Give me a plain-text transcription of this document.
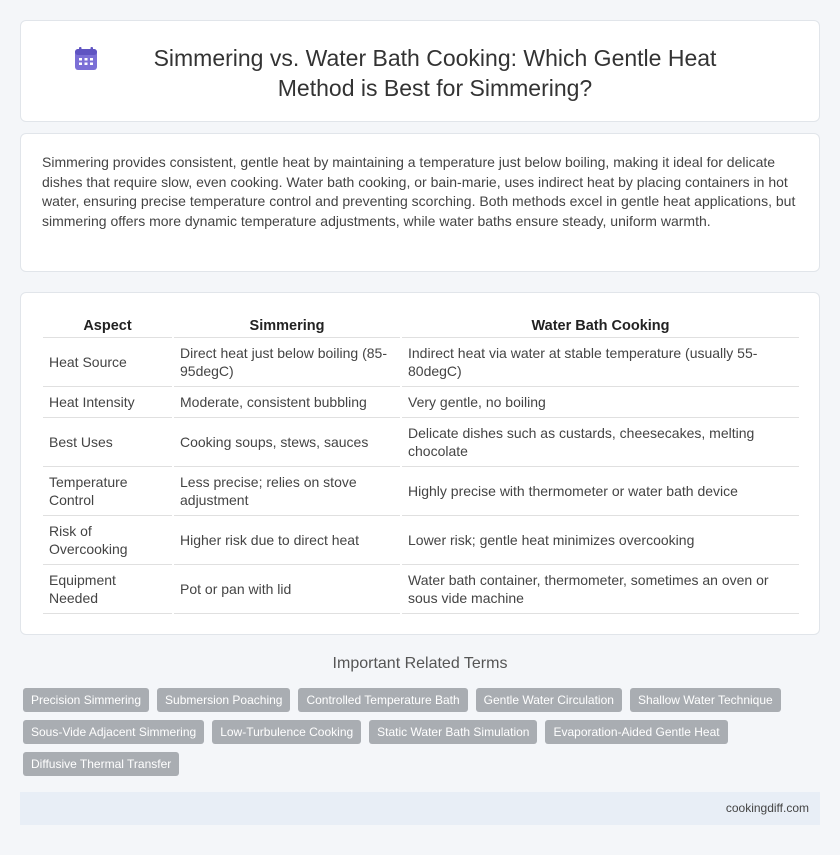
Simmering vs. Water Bath Cooking: Which Gentle Heat Method is Best for Simmering?

Simmering provides consistent, gentle heat by maintaining a temperature just below boiling, making it ideal for delicate dishes that require slow, even cooking. Water bath cooking, or bain-marie, uses indirect heat by placing containers in hot water, ensuring precise temperature control and preventing scorching. Both methods excel in gentle heat applications, but simmering offers more dynamic temperature adjustments, while water baths ensure steady, uniform warmth.

Aspect	Simmering	Water Bath Cooking
Heat Source	Direct heat just below boiling (85-95degC)	Indirect heat via water at stable temperature (usually 55-80degC)
Heat Intensity	Moderate, consistent bubbling	Very gentle, no boiling
Best Uses	Cooking soups, stews, sauces	Delicate dishes such as custards, cheesecakes, melting chocolate
Temperature Control	Less precise; relies on stove adjustment	Highly precise with thermometer or water bath device
Risk of Overcooking	Higher risk due to direct heat	Lower risk; gentle heat minimizes overcooking
Equipment Needed	Pot or pan with lid	Water bath container, thermometer, sometimes an oven or sous vide machine
Important Related Terms
Precision Simmering	Submersion Poaching	Controlled Temperature Bath	Gentle Water Circulation	Shallow Water Technique
Sous-Vide Adjacent Simmering	Low-Turbulence Cooking	Static Water Bath Simulation	Evaporation-Aided Gentle Heat
Diffusive Thermal Transfer
cookingdiff.com
